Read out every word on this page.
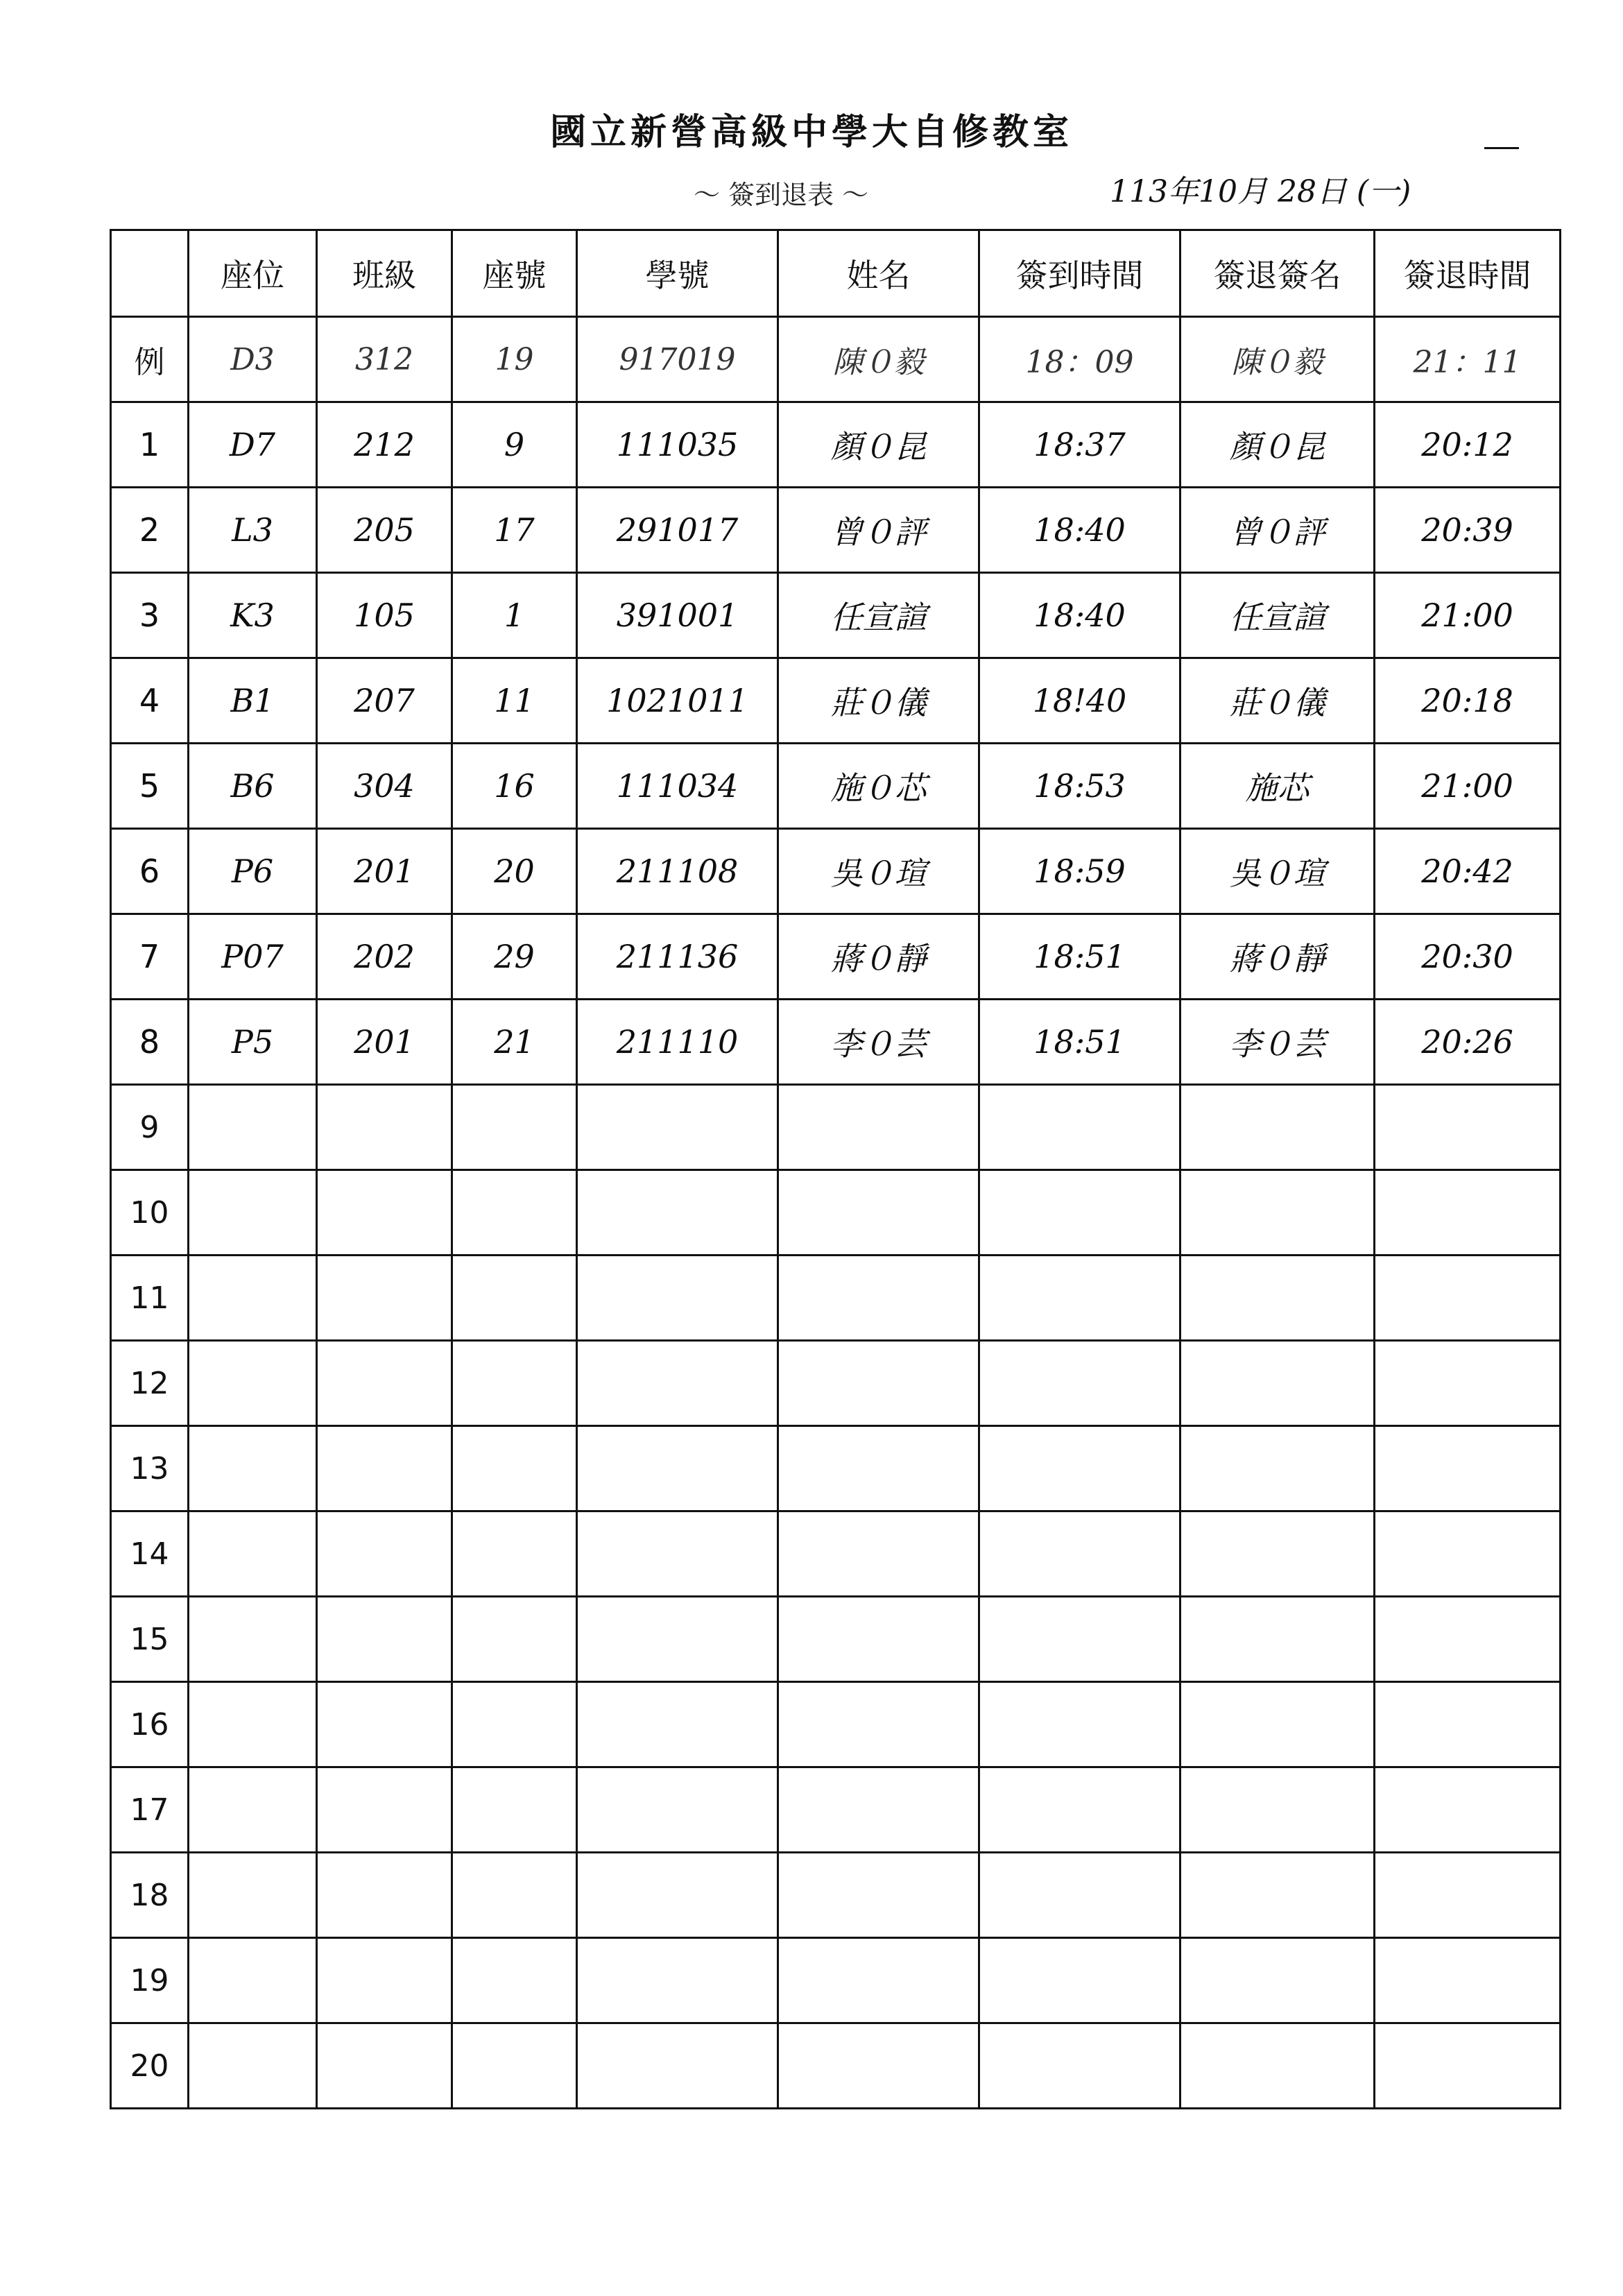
國立新營高級中學大自修教室
～ 簽到退表 ～	113年10月 28日 (一)
	座位	班級	座號	學號	姓名	簽到時間	簽退簽名	簽退時間
例	D3	312	19	917019	陳０毅	18：09	陳０毅	21：11
1	D7	212	9	111035	顏０昆	18:37	顏０昆	20:12
2	L3	205	17	291017	曾０評	18:40	曾０評	20:39
3	K3	105	1	391001	任宣諠	18:40	任宣諠	21:00
4	B1	207	11	1021011	莊０儀	18!40	莊０儀	20:18
5	B6	304	16	111034	施０芯	18:53	施芯	21:00
6	P6	201	20	211108	吳０瑄	18:59	吳０瑄	20:42
7	P07	202	29	211136	蔣０靜	18:51	蔣０靜	20:30
8	P5	201	21	211110	李０芸	18:51	李０芸	20:26
9								
10								
11								
12								
13								
14								
15								
16								
17								
18								
19								
20								
